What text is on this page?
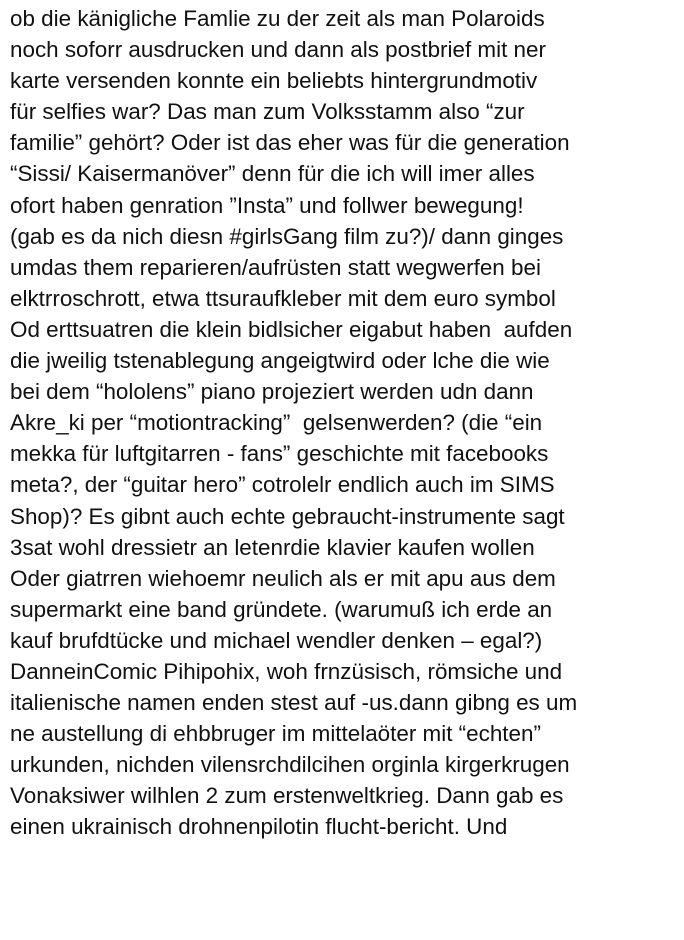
ob die känigliche Famlie zu der zeit als man Polaroids
noch soforr ausdrucken und dann als postbrief mit ner
karte versenden konnte ein beliebts hintergrundmotiv
für selfies war? Das man zum Volksstamm also “zur
familie” gehört? Oder ist das eher was für die generation
“Sissi/ Kaisermanöver” denn für die ich will imer alles
ofort haben genration ”Insta” und follwer bewegung!
(gab es da nich diesn #girlsGang film zu?)/ dann ginges
umdas them reparieren/aufrüsten statt wegwerfen bei
elktrroschrott, etwa ttsuraufkleber mit dem euro symbol
Od erttsuatren die klein bidlsicher eigabut haben  aufden
die jweilig tstenablegung angeigtwird oder lche die wie
bei dem “hololens” piano projeziert werden udn dann
Akre_ki per “motiontracking”  gelsenwerden? (die “ein
mekka für luftgitarren - fans” geschichte mit facebooks
meta?, der “guitar hero” cotrolelr endlich auch im SIMS
Shop)? Es gibnt auch echte gebraucht-instrumente sagt
3sat wohl dressietr an letenrdie klavier kaufen wollen
Oder giatrren wiehoemr neulich als er mit apu aus dem
supermarkt eine band gründete. (warumuß ich erde an
kauf brufdtücke und michael wendler denken – egal?)
DanneinComic Pihipohix, woh frnzüsisch, römsiche und
italienische namen enden stest auf -us.dann gibng es um
ne austellung di ehbbruger im mittelaöter mit “echten”
urkunden, nichden vilensrchdilcihen orginla kirgerkrugen
Vonaksiwer wilhlen 2 zum erstenweltkrieg. Dann gab es
einen ukrainisch drohnenpilotin flucht-bericht. Und
